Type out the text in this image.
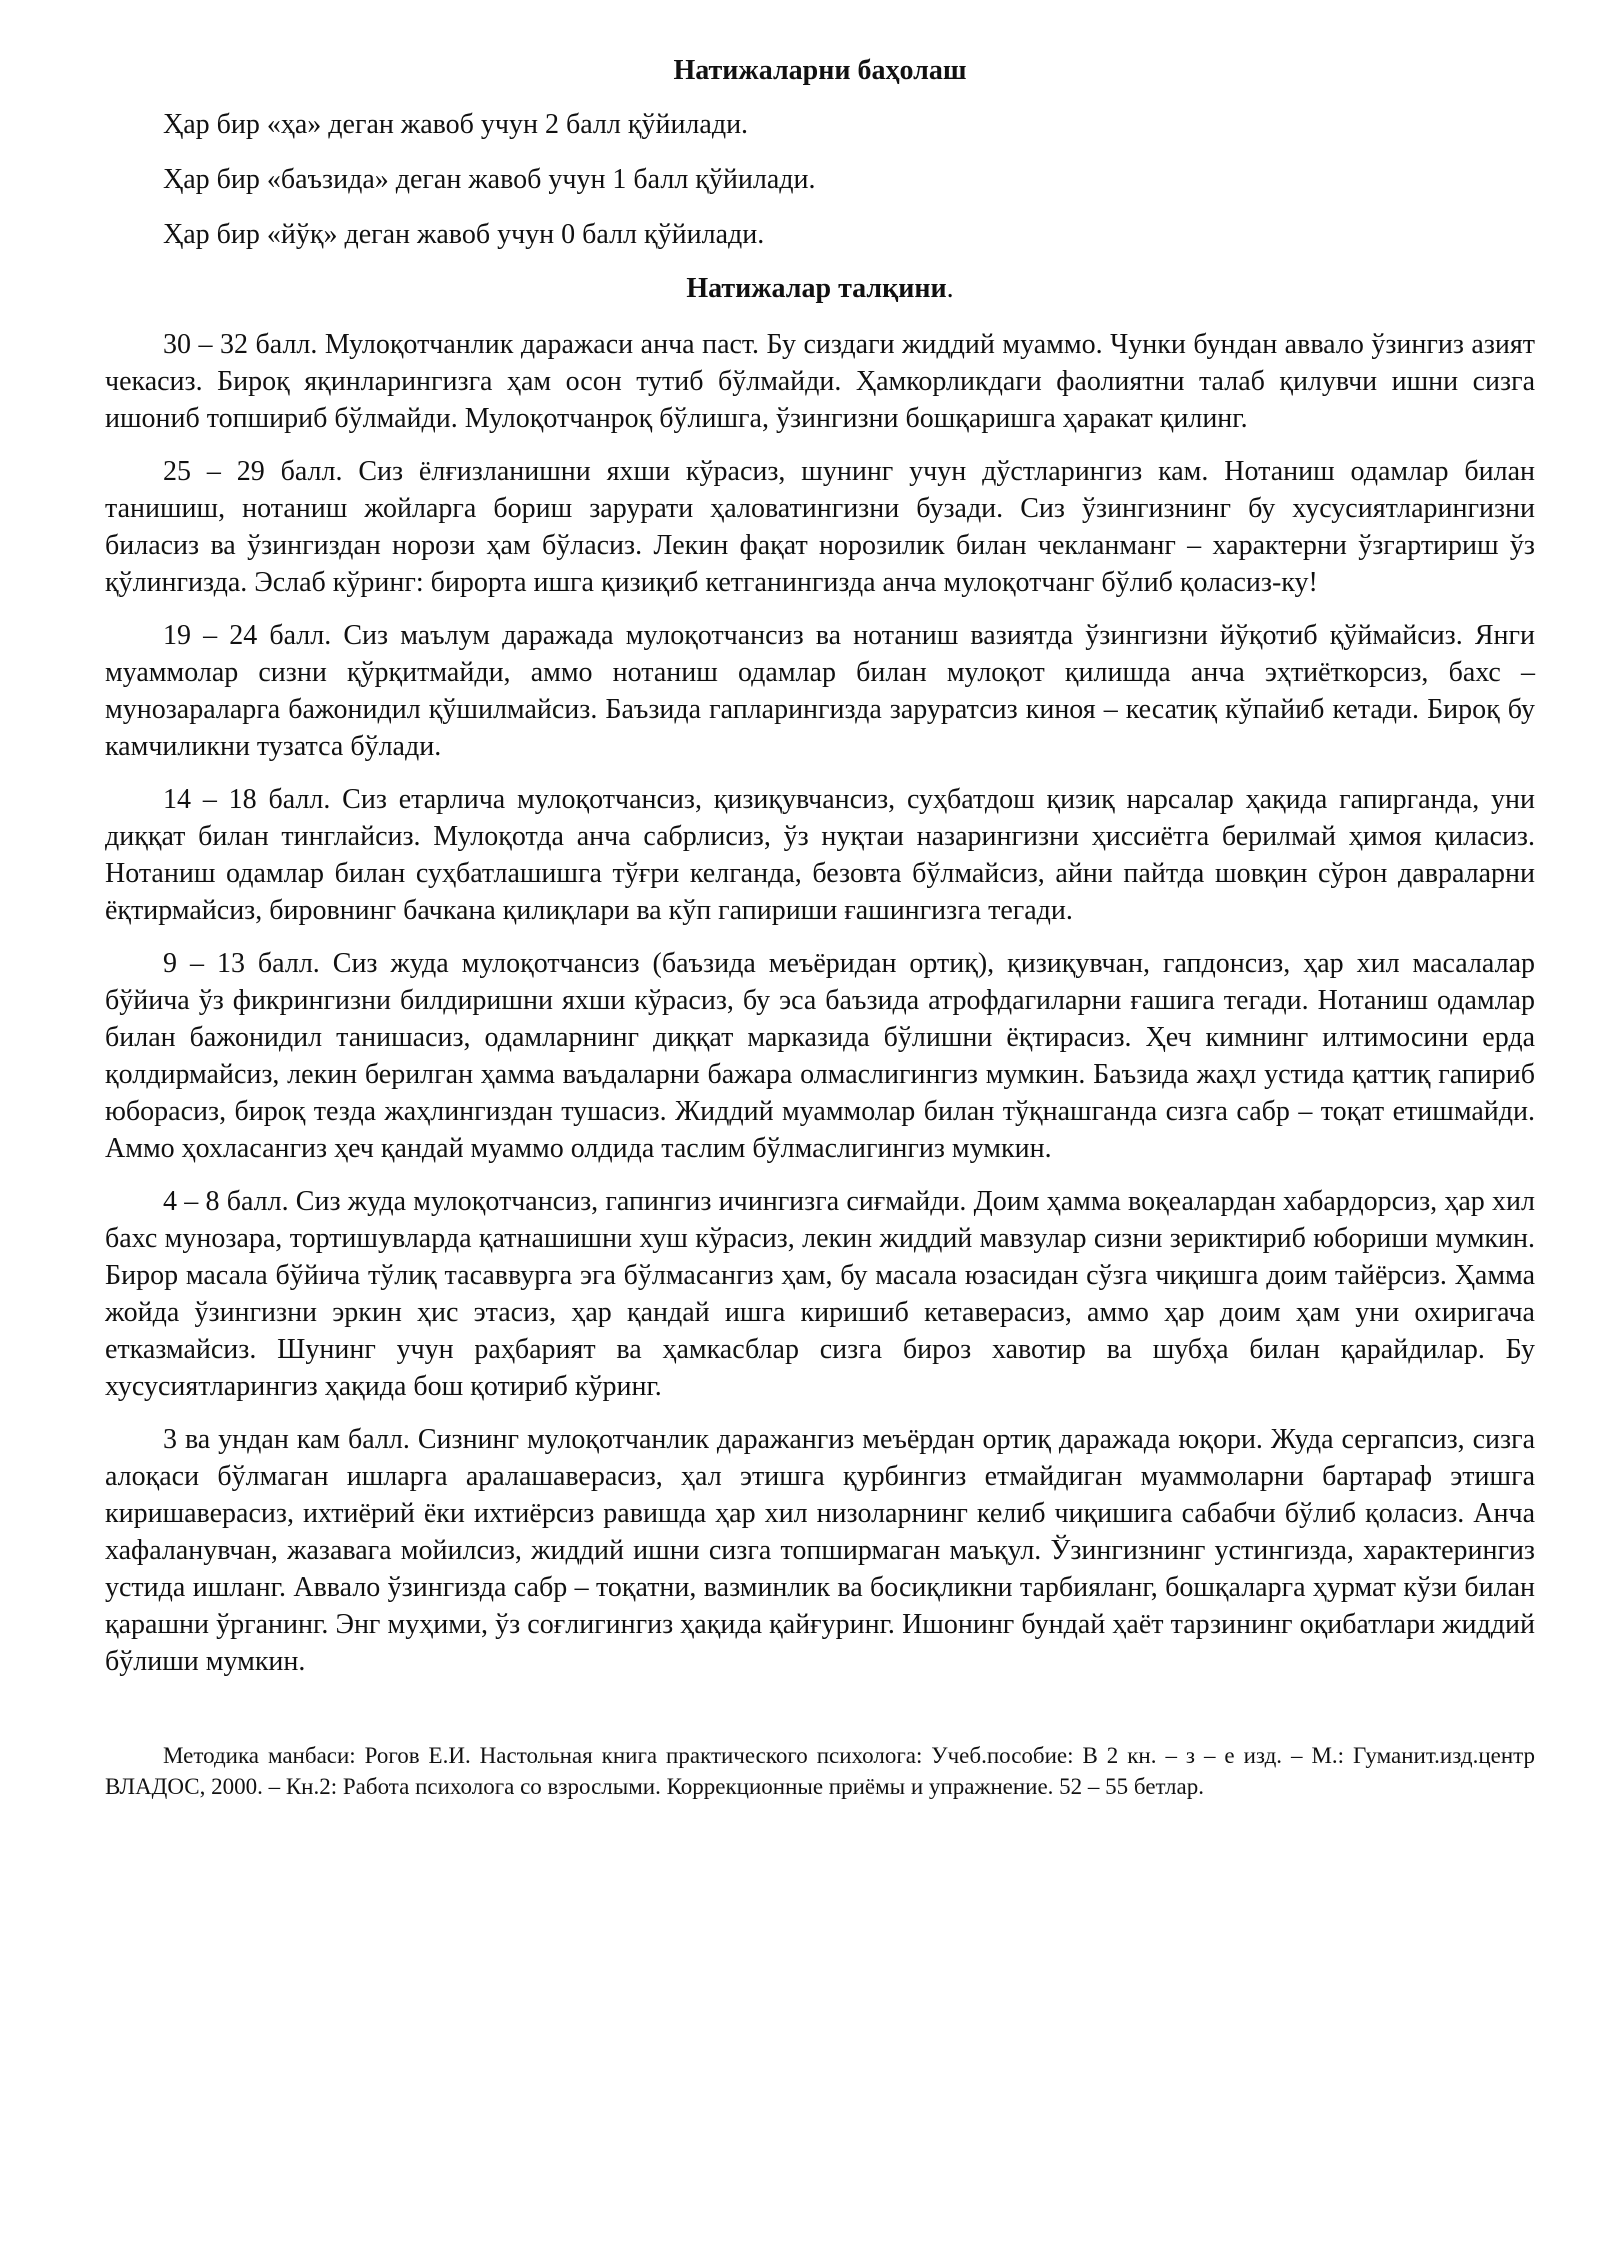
Натижаларни баҳолаш

Ҳар бир «ҳа» деган жавоб учун 2 балл қўйилади.

Ҳар бир «баъзида» деган жавоб учун 1 балл қўйилади.

Ҳар бир «йўқ» деган жавоб учун 0 балл қўйилади.

Натижалар талқини.

30 – 32 балл. Мулоқотчанлик даражаси анча паст. Бу сиздаги жиддий муаммо. Чунки бундан аввало ўзингиз азият чекасиз. Бироқ яқинларингизга ҳам осон тутиб бўлмайди. Ҳамкорликдаги фаолиятни талаб қилувчи ишни сизга ишониб топшириб бўлмайди. Мулоқотчанроқ бўлишга, ўзингизни бошқаришга ҳаракат қилинг.

25 – 29 балл. Сиз ёлғизланишни яхши кўрасиз, шунинг учун дўстларингиз кам. Нотаниш одамлар билан танишиш, нотаниш жойларга бориш зарурати ҳаловатингизни бузади. Сиз ўзингизнинг бу хусусиятларингизни биласиз ва ўзингиздан норози ҳам бўласиз. Лекин фақат норозилик билан чекланманг – характерни ўзгартириш ўз қўлингизда. Эслаб кўринг: бирорта ишга қизиқиб кетганингизда анча мулоқотчанг бўлиб қоласиз-ку!

19 – 24 балл. Сиз маълум даражада мулоқотчансиз ва нотаниш вазиятда ўзингизни йўқотиб қўймайсиз. Янги муаммолар сизни қўрқитмайди, аммо нотаниш одамлар билан мулоқот қилишда анча эҳтиёткорсиз, бахс – мунозараларга бажонидил қўшилмайсиз. Баъзида гапларингизда заруратсиз киноя – кесатиқ кўпайиб кетади. Бироқ бу камчиликни тузатса бўлади.

14 – 18 балл. Сиз етарлича мулоқотчансиз, қизиқувчансиз, суҳбатдош қизиқ нарсалар ҳақида гапирганда, уни диққат билан тинглайсиз. Мулоқотда анча сабрлисиз, ўз нуқтаи назарингизни ҳиссиётга берилмай ҳимоя қиласиз. Нотаниш одамлар билан суҳбатлашишга тўғри келганда, безовта бўлмайсиз, айни пайтда шовқин сўрон давраларни ёқтирмайсиз, бировнинг бачкана қилиқлари ва кўп гапириши ғашингизга тегади.

9 – 13 балл. Сиз жуда мулоқотчансиз (баъзида меъёридан ортиқ), қизиқувчан, гапдонсиз, ҳар хил масалалар бўйича ўз фикрингизни билдиришни яхши кўрасиз, бу эса баъзида атрофдагиларни ғашига тегади. Нотаниш одамлар билан бажонидил танишасиз, одамларнинг диққат марказида бўлишни ёқтирасиз. Ҳеч кимнинг илтимосини ерда қолдирмайсиз, лекин берилган ҳамма ваъдаларни бажара олмаслигингиз мумкин. Баъзида жаҳл устида қаттиқ гапириб юборасиз, бироқ тезда жаҳлингиздан тушасиз. Жиддий муаммолар билан тўқнашганда сизга сабр – тоқат етишмайди. Аммо ҳохласангиз ҳеч қандай муаммо олдида таслим бўлмаслигингиз мумкин.

4 – 8 балл. Сиз жуда мулоқотчансиз, гапингиз ичингизга сиғмайди. Доим ҳамма воқеалардан хабардорсиз, ҳар хил бахс мунозара, тортишувларда қатнашишни хуш кўрасиз, лекин жиддий мавзулар сизни зериктириб юбориши мумкин. Бирор масала бўйича тўлиқ тасаввурга эга бўлмасангиз ҳам, бу масала юзасидан сўзга чиқишга доим тайёрсиз. Ҳамма жойда ўзингизни эркин ҳис этасиз, ҳар қандай ишга киришиб кетаверасиз, аммо ҳар доим ҳам уни охиригача етказмайсиз. Шунинг учун раҳбарият ва ҳамкасблар сизга бироз хавотир ва шубҳа билан қарайдилар. Бу хусусиятларингиз ҳақида бош қотириб кўринг.

3 ва ундан кам балл. Сизнинг мулоқотчанлик даражангиз меъёрдан ортиқ даражада юқори. Жуда сергапсиз, сизга алоқаси бўлмаган ишларга аралашаверасиз, ҳал этишга қурбингиз етмайдиган муаммоларни бартараф этишга киришаверасиз, ихтиёрий ёки ихтиёрсиз равишда ҳар хил низоларнинг келиб чиқишига сабабчи бўлиб қоласиз. Анча хафаланувчан, жазавага мойилсиз, жиддий ишни сизга топширмаган маъқул. Ўзингизнинг устингизда, характерингиз устида ишланг. Аввало ўзингизда сабр – тоқатни, вазминлик ва босиқликни тарбияланг, бошқаларга ҳурмат кўзи билан қарашни ўрганинг. Энг муҳими, ўз соғлигингиз ҳақида қайғуринг. Ишонинг бундай ҳаёт тарзининг оқибатлари жиддий бўлиши мумкин.

Методика манбаси: Рогов Е.И. Настольная книга практического психолога: Учеб.пособие: В 2 кн. – з – е изд. – М.: Гуманит.изд.центр ВЛАДОС, 2000. – Кн.2: Работа психолога со взрослыми. Коррекционные приёмы и упражнение. 52 – 55 бетлар.
